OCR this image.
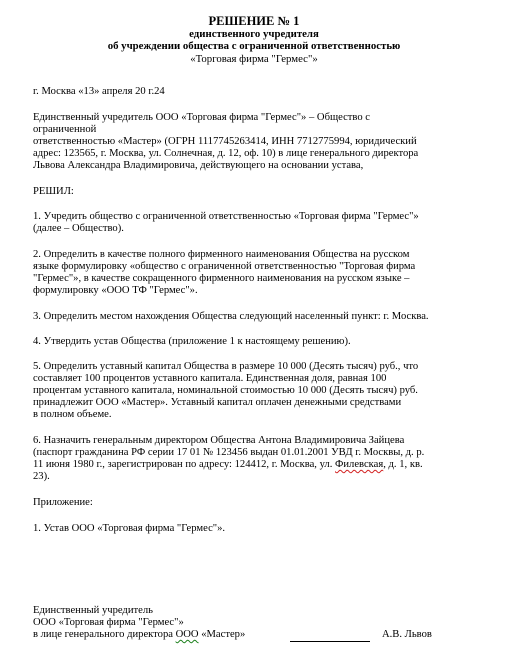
РЕШЕНИЕ № 1
единственного учредителя
об учреждении общества с ограниченной ответственностью
«Торговая фирма "Гермес"»
г. Москва «13» апреля 20 г.24
Единственный учредитель ООО «Торговая фирма "Гермес"» – Общество с
ограниченной
ответственностью «Мастер» (ОГРН 1117745263414, ИНН 7712775994, юридический
адрес: 123565, г. Москва, ул. Солнечная, д. 12, оф. 10) в лице генерального директора
Львова Александра Владимировича, действующего на основании устава,
РЕШИЛ:
1. Учредить общество с ограниченной ответственностью «Торговая фирма "Гермес"»
(далее – Общество).
2. Определить в качестве полного фирменного наименования Общества на русском
языке формулировку «общество с ограниченной ответственностью "Торговая фирма
"Гермес"», в качестве сокращенного фирменного наименования на русском языке –
формулировку «ООО ТФ "Гермес"».
3. Определить местом нахождения Общества следующий населенный пункт: г. Москва.
4. Утвердить устав Общества (приложение 1 к настоящему решению).
5. Определить уставный капитал Общества в размере 10 000 (Десять тысяч) руб., что
составляет 100 процентов уставного капитала. Единственная доля, равная 100
процентам уставного капитала, номинальной стоимостью 10 000 (Десять тысяч) руб.
принадлежит ООО «Мастер». Уставный капитал оплачен денежными средствами
в полном объеме.
6. Назначить генеральным директором Общества Антона Владимировича Зайцева
(паспорт гражданина РФ серии 17 01 № 123456 выдан 01.01.2001 УВД г. Москвы, д. р.
11 июня 1980 г., зарегистрирован по адресу: 124412, г. Москва, ул. Филевская, д. 1, кв.
23).
Приложение:
1. Устав ООО «Торговая фирма "Гермес"».
Единственный учредитель
ООО «Торговая фирма "Гермес"»
в лице генерального директора ООО «Мастер»	А.В. Львов
